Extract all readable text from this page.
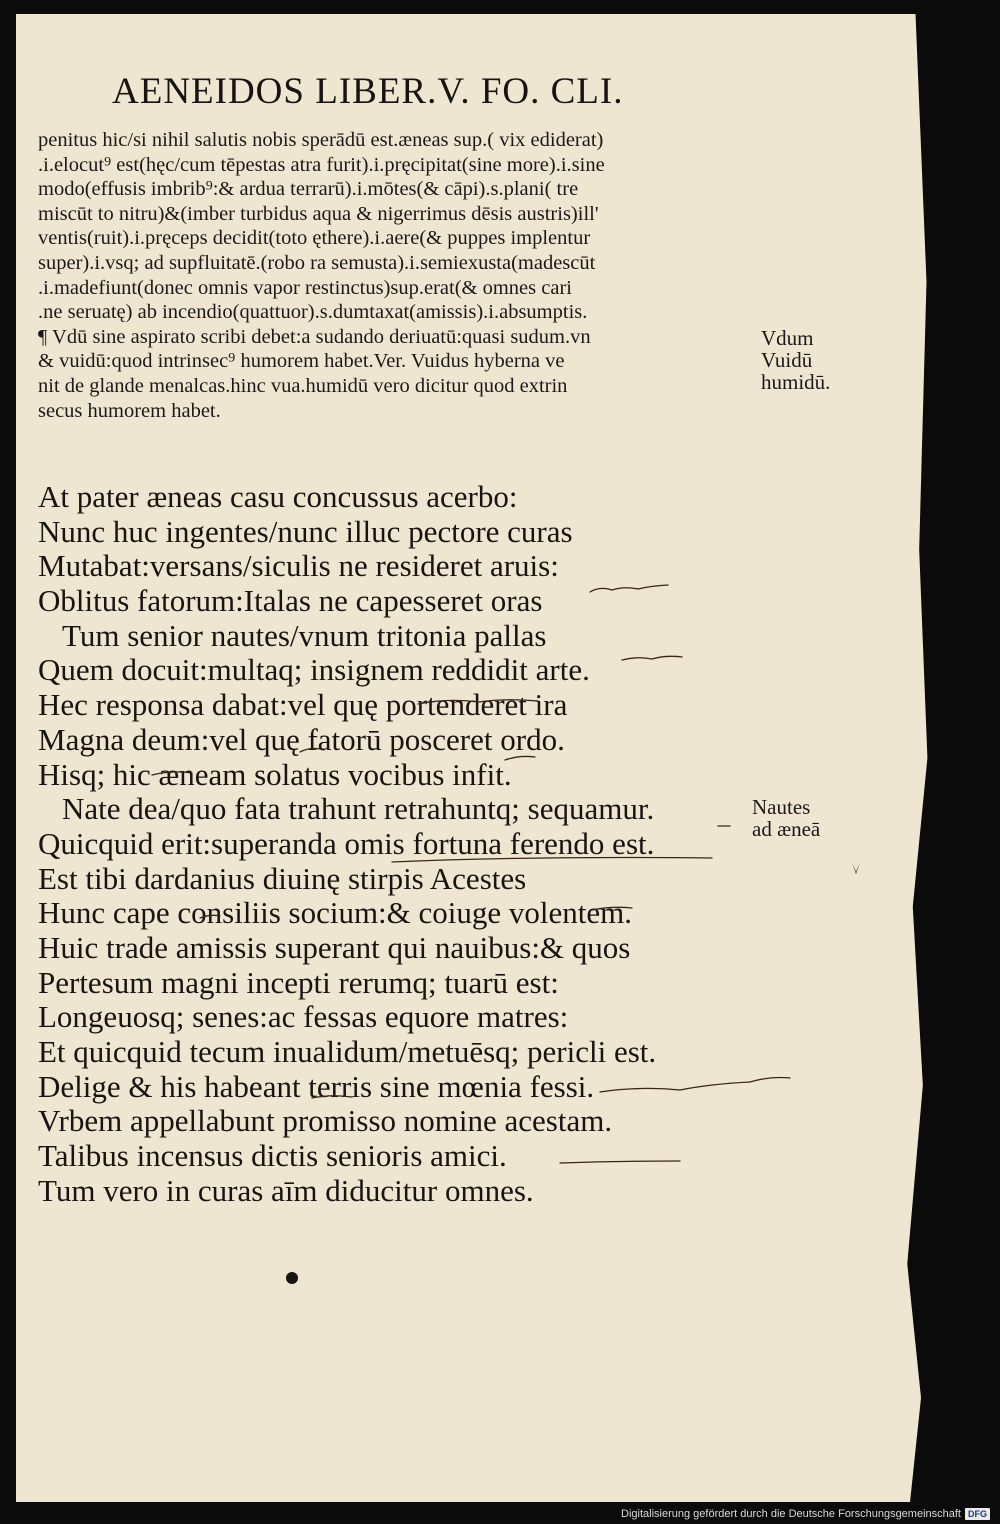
AENEIDOS LIBER.V. FO. CLI.
penitus hic/si nihil salutis nobis sperādū est.æneas sup.( vix ediderat)
.i.elocut⁹ est(hęc/cum tēpestas atra furit).i.pręcipitat(sine more).i.sine
modo(effusis imbrib⁹:& ardua terrarū).i.mōtes(& cāpi).s.plani( tre
miscūt to nitru)&(imber turbidus aqua & nigerrimus dēsis austris)ill'
ventis(ruit).i.pręceps decidit(toto ęthere).i.aere(& puppes implentur
super).i.vsq; ad supfluitatē.(robo ra semusta).i.semiexusta(madescūt
.i.madefiunt(donec omnis vapor restinctus)sup.erat(& omnes cari
.ne seruatę) ab incendio(quattuor).s.dumtaxat(amissis).i.absumptis.
¶ Vdū sine aspirato scribi debet:a sudando deriuatū:quasi sudum.vn
& vuidū:quod intrinsec⁹ humorem habet.Ver. Vuidus hyberna ve
nit de glande menalcas.hinc vua.humidū vero dicitur quod extrin
secus humorem habet.
At pater æneas casu concussus acerbo:
Nunc huc ingentes/nunc illuc pectore curas
Mutabat:versans/siculis ne resideret aruis:
Oblitus fatorum:Italas ne capesseret oras
Tum senior nautes/vnum tritonia pallas
Quem docuit:multaq; insignem reddidit arte.
Hec responsa dabat:vel quę portenderet ira
Magna deum:vel quę fatorū posceret ordo.
Hisq; hic æneam solatus vocibus infit.
Nate dea/quo fata trahunt retrahuntq; sequamur.
Quicquid erit:superanda omis fortuna ferendo est.
Est tibi dardanius diuinę stirpis Acestes
Hunc cape consiliis socium:& coiuge volentem.
Huic trade amissis superant qui nauibus:& quos
Pertesum magni incepti rerumq; tuarū est:
Longeuosq; senes:ac fessas equore matres:
Et quicquid tecum inualidum/metuēsq; pericli est.
Delige & his habeant terris sine mœnia fessi.
Vrbem appellabunt promisso nomine acestam.
Talibus incensus dictis senioris amici.
Tum vero in curas aīm diducitur omnes.
Vdum
Vuidū
humidū.
Nautes
ad æneā
Digitalisierung gefördert durch die Deutsche Forschungsgemeinschaft DFG
